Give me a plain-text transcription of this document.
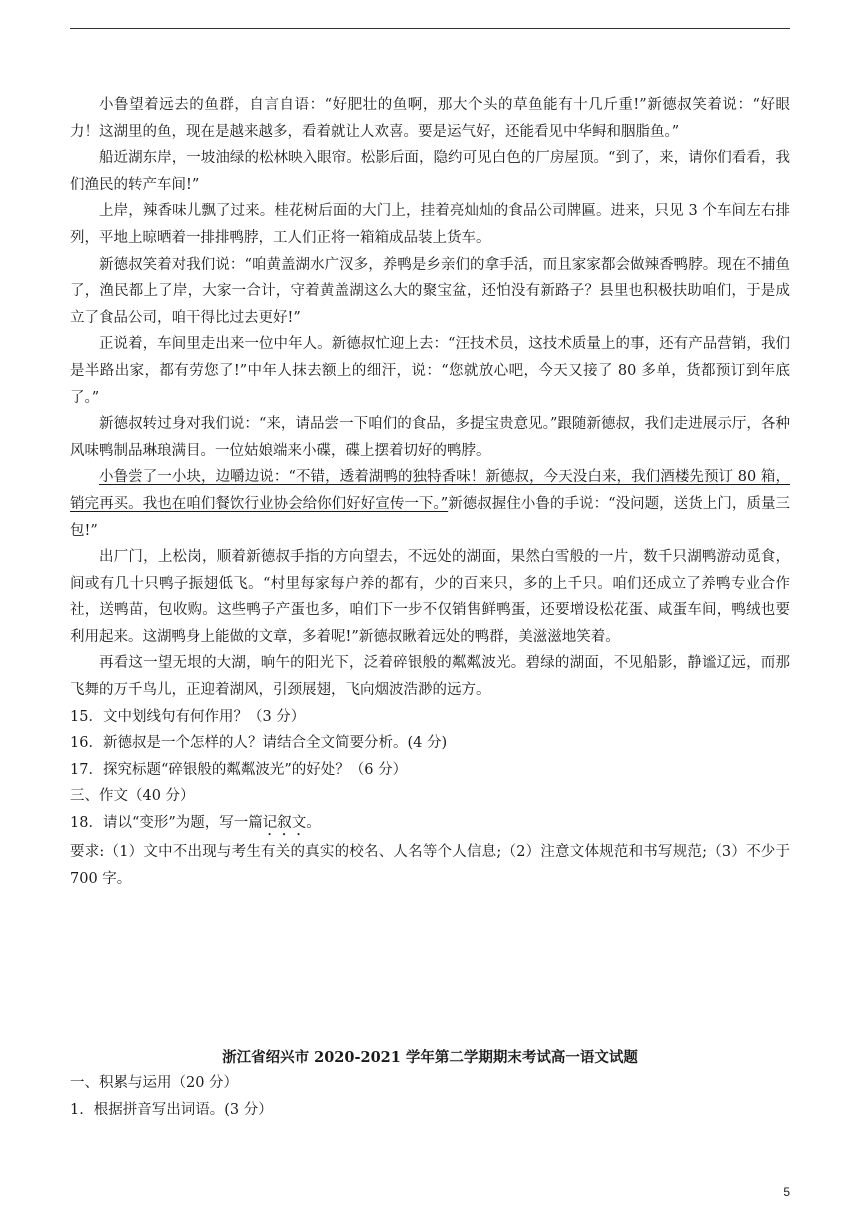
小鲁望着远去的鱼群，自言自语：“好肥壮的鱼啊，那大个头的草鱼能有十几斤重!”新德叔笑着说：“好眼力！这湖里的鱼，现在是越来越多，看着就让人欢喜。要是运气好，还能看见中华鲟和胭脂鱼。”

船近湖东岸，一坡油绿的松林映入眼帘。松影后面，隐约可见白色的厂房屋顶。“到了，来，请你们看看，我们渔民的转产车间!”

上岸，辣香味儿飘了过来。桂花树后面的大门上，挂着亮灿灿的食品公司牌匾。进来，只见 3 个车间左右排列，平地上晾晒着一排排鸭脖，工人们正将一箱箱成品装上货车。

新德叔笑着对我们说：“咱黄盖湖水广汊多，养鸭是乡亲们的拿手活，而且家家都会做辣香鸭脖。现在不捕鱼了，渔民都上了岸，大家一合计，守着黄盖湖这么大的聚宝盆，还怕没有新路子？县里也积极扶助咱们，于是成立了食品公司，咱干得比过去更好!”

正说着，车间里走出来一位中年人。新德叔忙迎上去：“汪技术员，这技术质量上的事，还有产品营销，我们是半路出家，都有劳您了!”中年人抹去额上的细汗，说：“您就放心吧，今天又接了 80 多单，货都预订到年底了。”

新德叔转过身对我们说：“来，请品尝一下咱们的食品，多提宝贵意见。”跟随新德叔，我们走进展示厅，各种风味鸭制品琳琅满目。一位姑娘端来小碟，碟上摆着切好的鸭脖。

小鲁尝了一小块，边嚼边说：“不错，透着湖鸭的独特香味！新德叔，今天没白来，我们酒楼先预订 80 箱，销完再买。我也在咱们餐饮行业协会给你们好好宣传一下。”新德叔握住小鲁的手说：“没问题，送货上门，质量三包!”

出厂门，上松岗，顺着新德叔手指的方向望去，不远处的湖面，果然白雪般的一片，数千只湖鸭游动觅食，间或有几十只鸭子振翅低飞。“村里每家每户养的都有，少的百来只，多的上千只。咱们还成立了养鸭专业合作社，送鸭苗，包收购。这些鸭子产蛋也多，咱们下一步不仅销售鲜鸭蛋，还要增设松花蛋、咸蛋车间，鸭绒也要利用起来。这湖鸭身上能做的文章，多着呢!”新德叔瞅着远处的鸭群，美滋滋地笑着。

再看这一望无垠的大湖，晌午的阳光下，泛着碎银般的粼粼波光。碧绿的湖面，不见船影，静谧辽远，而那飞舞的万千鸟儿，正迎着湖风，引颈展翅，飞向烟波浩渺的远方。

15．文中划线句有何作用？（3 分）

16．新德叔是一个怎样的人？请结合全文简要分析。(4 分)

17．探究标题“碎银般的粼粼波光”的好处？（6 分）

三、作文（40 分）

18．请以“变形”为题，写一篇记叙文。

要求:（1）文中不出现与考生有关的真实的校名、人名等个人信息;（2）注意文体规范和书写规范;（3）不少于 700 字。

浙江省绍兴市 2020-2021 学年第二学期期末考试高一语文试题

一、积累与运用（20 分）

1．根据拼音写出词语。(3 分）

5
